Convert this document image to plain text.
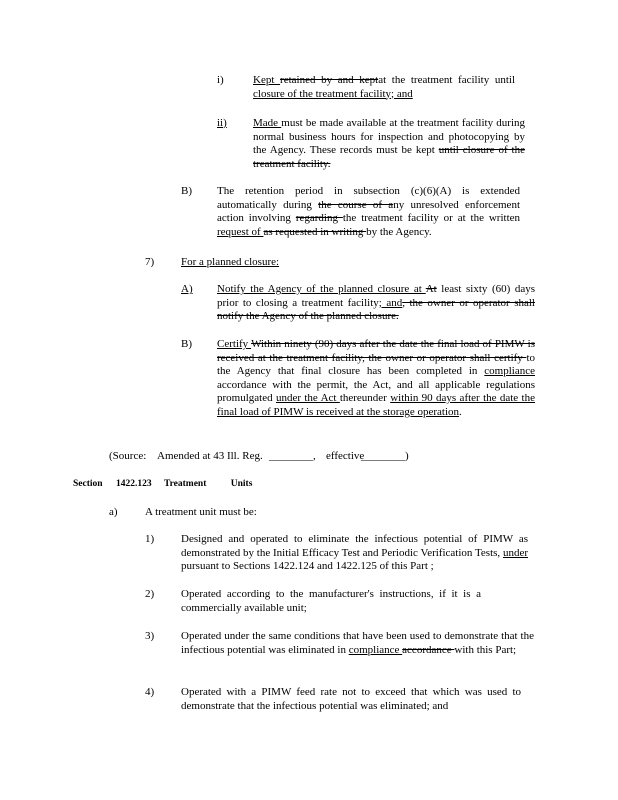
i)	Kept retained by and keptat the treatment facility until closure of the treatment facility; and
ii) Made must be made available at the treatment facility during normal business hours for inspection and photocopying by the Agency. These records must be kept until closure of the treatment facility.
B) The retention period in subsection (c)(6)(A) is extended automatically during the course of any unresolved enforcement action involving regarding the treatment facility or at the written request of as requested in writing by the Agency.
7) For a planned closure:
A) Notify the Agency of the planned closure at At least sixty (60) days prior to closing a treatment facility; and, the owner or operator shall notify the Agency of the planned closure.
B) Certify Within ninety (90) days after the date the final load of PIMW is received at the treatment facility, the owner or operator shall certify to the Agency that final closure has been completed in compliance accordance with the permit, the Act, and all applicable regulations promulgated under the Act thereunder within 90 days after the date the final load of PIMW is received at the storage operation.
(Source: Amended at 43 Ill. Reg. ________, effective
________)
Section 1422.123 Treatment Units
a) A treatment unit must be:
1) Designed and operated to eliminate the infectious potential of PIMW as demonstrated by the Initial Efficacy Test and Periodic Verification Tests, under pursuant to Sections 1422.124 and 1422.125 of this Part ;
2) Operated according to the manufacturer's instructions, if it is a commercially available unit;
3) Operated under the same conditions that have been used to demonstrate that the infectious potential was eliminated in compliance accordance with this Part;
4) Operated with a PIMW feed rate not to exceed that which was used to demonstrate that the infectious potential was eliminated; and
